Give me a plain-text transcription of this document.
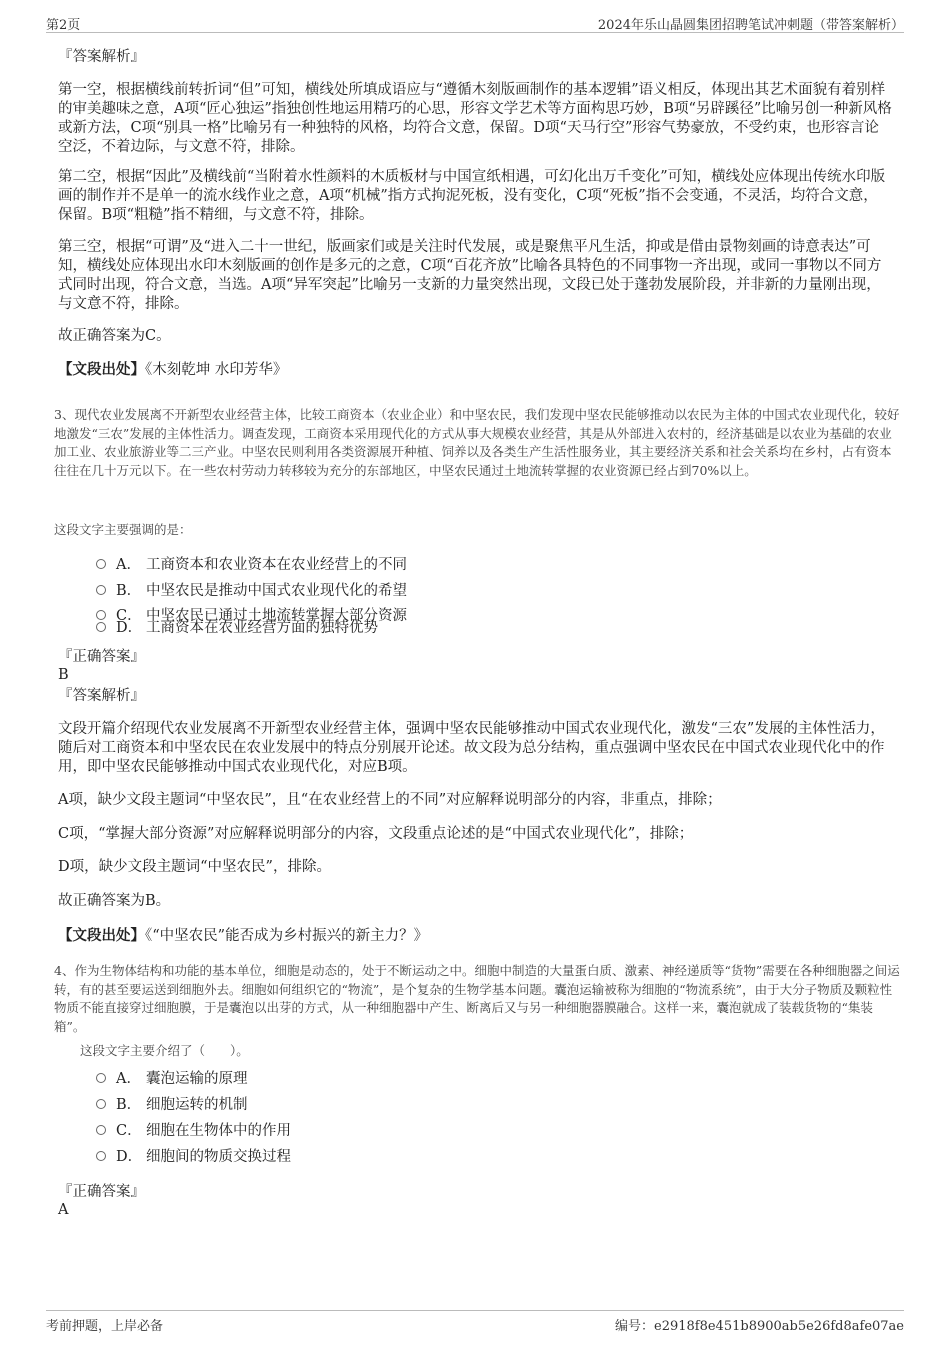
第2页	2024年乐山晶圆集团招聘笔试冲刺题（带答案解析）

『答案解析』

第一空，根据横线前转折词“但”可知，横线处所填成语应与“遵循木刻版画制作的基本逻辑”语义相反，体现出其艺术面貌有着别样的审美趣味之意，A项“匠心独运”指独创性地运用精巧的心思，形容文学艺术等方面构思巧妙，B项“另辟蹊径”比喻另创一种新风格或新方法，C项“别具一格”比喻另有一种独特的风格，均符合文意，保留。D项“天马行空”形容气势豪放，不受约束，也形容言论空泛，不着边际，与文意不符，排除。

第二空，根据“因此”及横线前“当附着水性颜料的木质板材与中国宣纸相遇，可幻化出万千变化”可知，横线处应体现出传统水印版画的制作并不是单一的流水线作业之意，A项“机械”指方式拘泥死板，没有变化，C项“死板”指不会变通，不灵活，均符合文意，保留。B项“粗糙”指不精细，与文意不符，排除。

第三空，根据“可谓”及“进入二十一世纪，版画家们或是关注时代发展，或是聚焦平凡生活，抑或是借由景物刻画的诗意表达”可知，横线处应体现出水印木刻版画的创作是多元的之意，C项“百花齐放”比喻各具特色的不同事物一齐出现，或同一事物以不同方式同时出现，符合文意，当选。A项“异军突起”比喻另一支新的力量突然出现，文段已处于蓬勃发展阶段，并非新的力量刚出现，与文意不符，排除。

故正确答案为C。

【文段出处】《木刻乾坤 水印芳华》

3、现代农业发展离不开新型农业经营主体，比较工商资本（农业企业）和中坚农民，我们发现中坚农民能够推动以农民为主体的中国式农业现代化，较好地激发“三农”发展的主体性活力。调查发现，工商资本采用现代化的方式从事大规模农业经营，其是从外部进入农村的，经济基础是以农业为基础的农业加工业、农业旅游业等二三产业。中坚农民则利用各类资源展开种植、饲养以及各类生产生活性服务业，其主要经济关系和社会关系均在乡村，占有资本往往在几十万元以下。在一些农村劳动力转移较为充分的东部地区，中坚农民通过土地流转掌握的农业资源已经占到70%以上。

这段文字主要强调的是：

A． 工商资本和农业资本在农业经营上的不同
B． 中坚农民是推动中国式农业现代化的希望
C． 中坚农民已通过土地流转掌握大部分资源
D． 工商资本在农业经营方面的独特优势

『正确答案』

B

『答案解析』

文段开篇介绍现代农业发展离不开新型农业经营主体，强调中坚农民能够推动中国式农业现代化，激发“三农”发展的主体性活力，随后对工商资本和中坚农民在农业发展中的特点分别展开论述。故文段为总分结构，重点强调中坚农民在中国式农业现代化中的作用，即中坚农民能够推动中国式农业现代化，对应B项。

A项，缺少文段主题词“中坚农民”，且“在农业经营上的不同”对应解释说明部分的内容，非重点，排除；

C项，“掌握大部分资源”对应解释说明部分的内容，文段重点论述的是“中国式农业现代化”，排除；

D项，缺少文段主题词“中坚农民”，排除。

故正确答案为B。

【文段出处】《“中坚农民”能否成为乡村振兴的新主力？》

4、作为生物体结构和功能的基本单位，细胞是动态的，处于不断运动之中。细胞中制造的大量蛋白质、激素、神经递质等“货物”需要在各种细胞器之间运转，有的甚至要运送到细胞外去。细胞如何组织它的“物流”，是个复杂的生物学基本问题。囊泡运输被称为细胞的“物流系统”，由于大分子物质及颗粒性物质不能直接穿过细胞膜，于是囊泡以出芽的方式，从一种细胞器中产生、断离后又与另一种细胞器膜融合。这样一来，囊泡就成了装载货物的“集装箱”。

这段文字主要介绍了（　　）。

A． 囊泡运输的原理
B． 细胞运转的机制
C． 细胞在生物体中的作用
D． 细胞间的物质交换过程

『正确答案』

A

考前押题，上岸必备	编号：e2918f8e451b8900ab5e26fd8afe07ae
